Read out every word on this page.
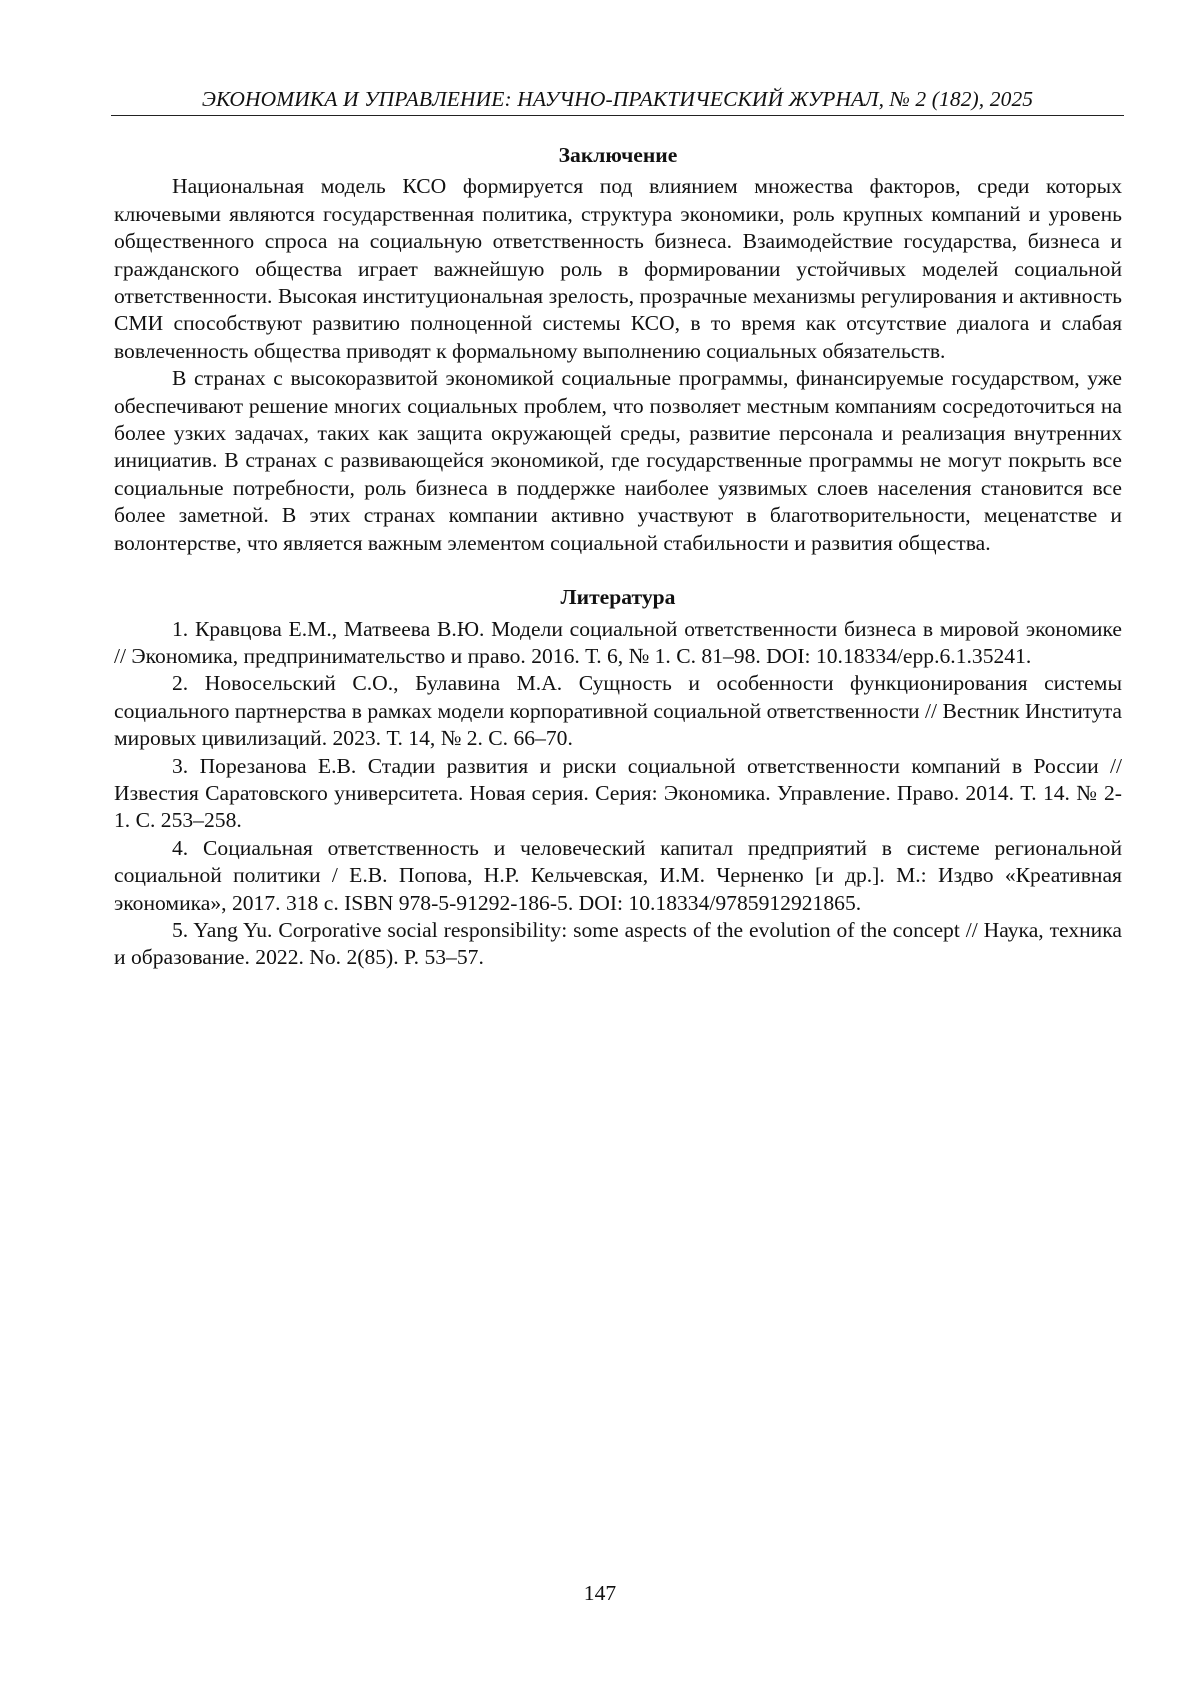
ЭКОНОМИКА И УПРАВЛЕНИЕ: НАУЧНО-ПРАКТИЧЕСКИЙ ЖУРНАЛ, № 2 (182), 2025
Заключение

Национальная модель КСО формируется под влиянием множества факторов, среди которых ключевыми являются государственная политика, структура экономики, роль крупных компаний и уровень общественного спроса на социальную ответственность бизнеса. Взаимодействие государства, бизнеса и гражданского общества играет важнейшую роль в формировании устойчивых моделей социальной ответственности. Высокая институциональная зрелость, прозрачные механизмы регулирования и активность СМИ способствуют развитию полноценной системы КСО, в то время как отсутствие диалога и слабая вовлеченность общества приводят к формальному выполнению социальных обязательств.

В странах с высокоразвитой экономикой социальные программы, финансируемые государством, уже обеспечивают решение многих социальных проблем, что позволяет местным компаниям сосредоточиться на более узких задачах, таких как защита окружающей среды, развитие персонала и реализация внутренних инициатив. В странах с развивающейся экономикой, где государственные программы не могут покрыть все социальные потребности, роль бизнеса в поддержке наиболее уязвимых слоев населения становится все более заметной. В этих странах компании активно участвуют в благотворительности, меценатстве и волонтерстве, что является важным элементом социальной стабильности и развития общества.

Литература

1. Кравцова Е.М., Матвеева В.Ю. Модели социальной ответственности бизнеса в мировой экономике // Экономика, предпринимательство и право. 2016. Т. 6, № 1. С. 81–98. DOI: 10.18334/epp.6.1.35241.

2. Новосельский С.О., Булавина М.А. Сущность и особенности функционирования системы социального партнерства в рамках модели корпоративной социальной ответственности // Вестник Института мировых цивилизаций. 2023. Т. 14, № 2. С. 66–70.

3. Порезанова Е.В. Стадии развития и риски социальной ответственности компаний в России // Известия Саратовского университета. Новая серия. Серия: Экономика. Управление. Право. 2014. Т. 14. № 2-1. С. 253–258.

4. Социальная ответственность и человеческий капитал предприятий в системе региональной социальной политики / Е.В. Попова, Н.Р. Кельчевская, И.М. Черненко [и др.]. М.: Издво «Креативная экономика», 2017. 318 с. ISBN 978-5-91292-186-5. DOI: 10.18334/9785912921865.

5. Yang Yu. Corporative social responsibility: some aspects of the evolution of the concept // Наука, техника и образование. 2022. No. 2(85). P. 53–57.

147
